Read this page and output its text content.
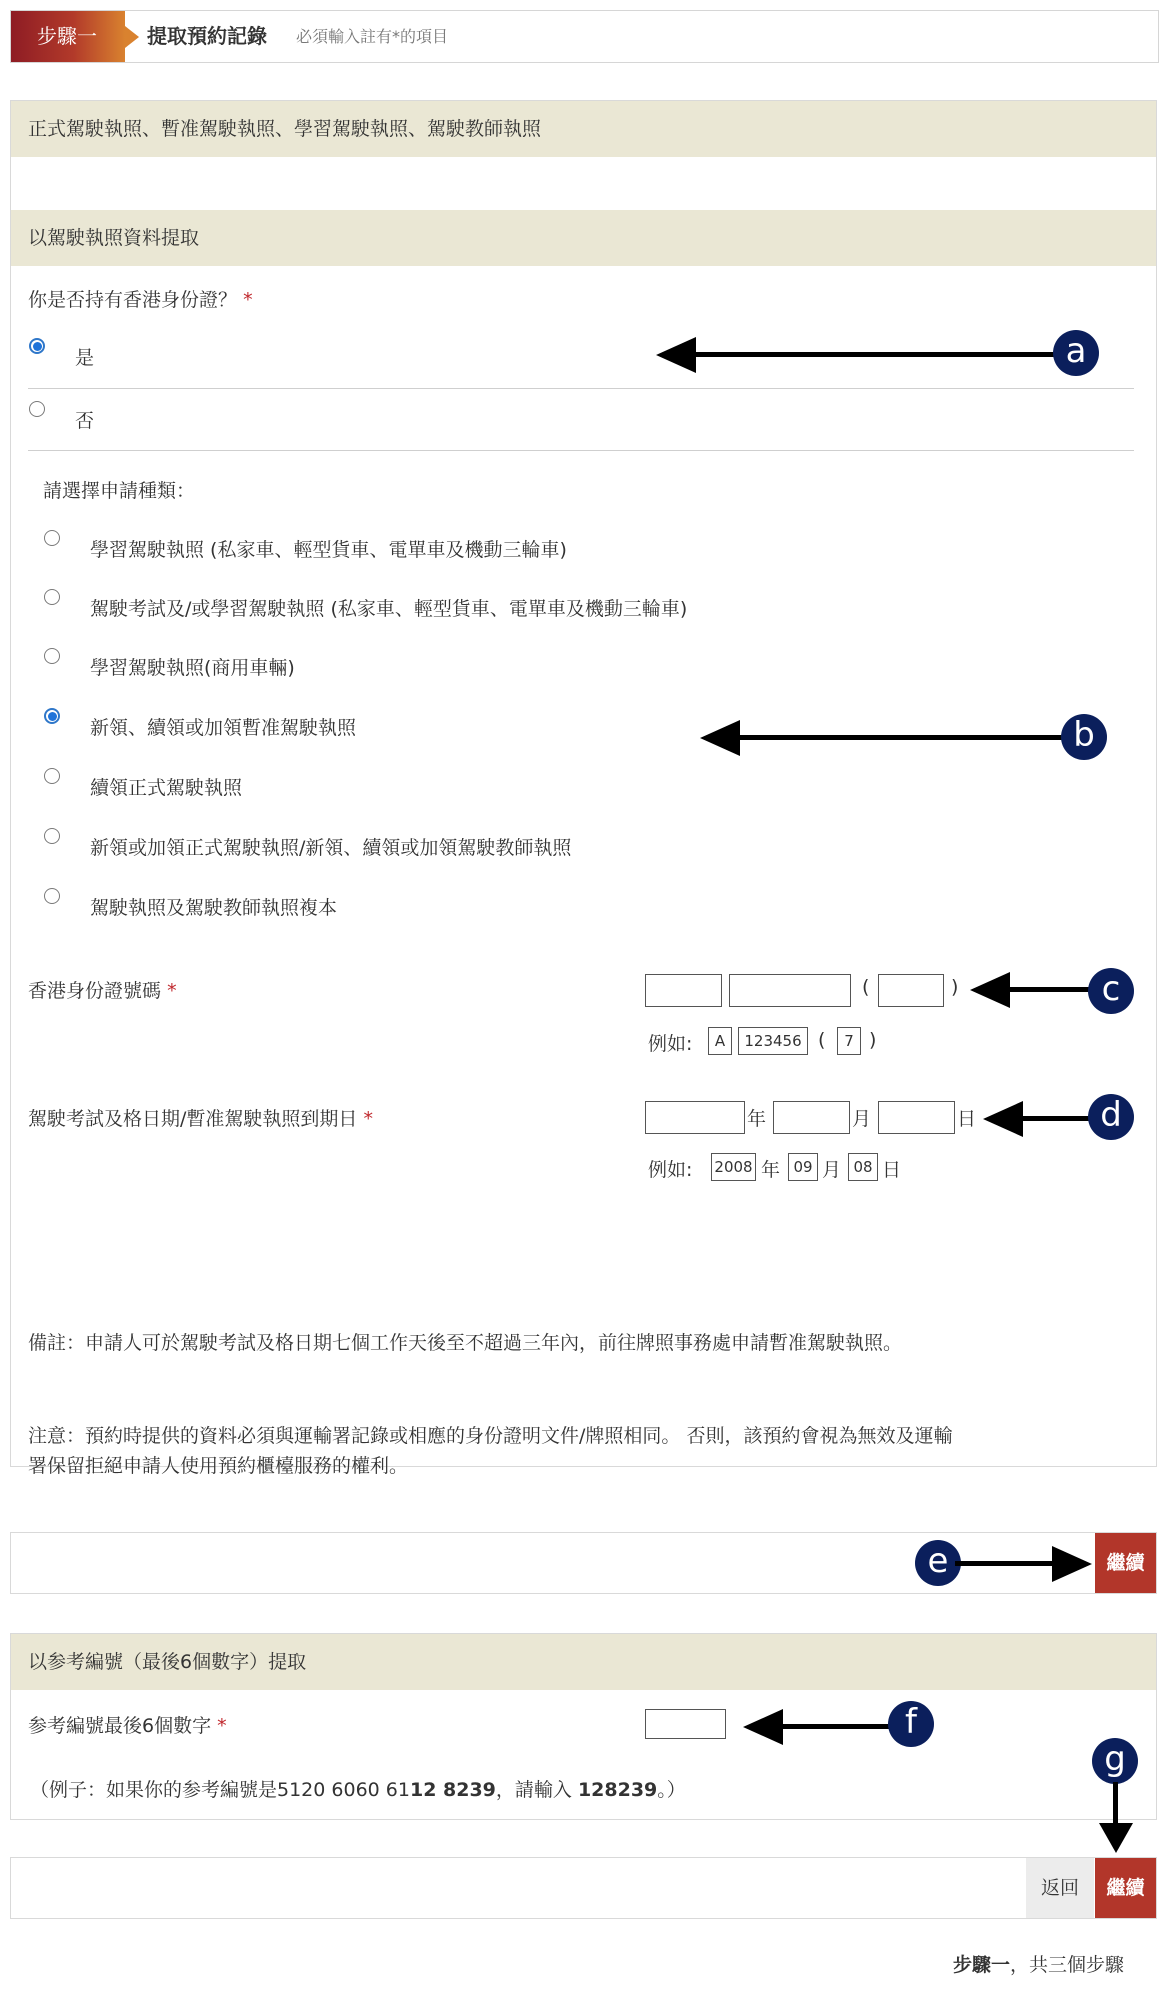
步驟一	提取預約記錄 必須輸入註有*的項目
正式駕駛執照、暫准駕駛執照、學習駕駛執照、駕駛教師執照
以駕駛執照資料提取
你是否持有香港身份證？ *
是
否
請選擇申請種類：
學習駕駛執照 (私家車、輕型貨車、電單車及機動三輪車)
駕駛考試及/或學習駕駛執照 (私家車、輕型貨車、電單車及機動三輪車)
學習駕駛執照(商用車輛)
新領、續領或加領暫准駕駛執照
續領正式駕駛執照
新領或加領正式駕駛執照/新領、續領或加領駕駛教師執照
駕駛執照及駕駛教師執照複本
香港身份證號碼 *	(	)
例如:	A	123456 (	7 )
駕駛考試及格日期/暫准駕駛執照到期日 *	年	月	日
例如: 2008 年 09 月 08 日
備註：申請人可於駕駛考試及格日期七個工作天後至不超過三年內，前往牌照事務處申請暫准駕駛執照。
注意：預約時提供的資料必須與運輸署記錄或相應的身份證明文件/牌照相同。 否則，該預約會視為無效及運輸
署保留拒絕申請人使用預約櫃檯服務的權利。
繼續
以参考編號（最後6個數字）提取
参考編號最後6個數字 *
（例子：如果你的参考編號是5120 6060 6112 8239，請輸入 128239。）
返回	繼續
步驟一，共三個步驟
a
b
c
d
e
f
g
